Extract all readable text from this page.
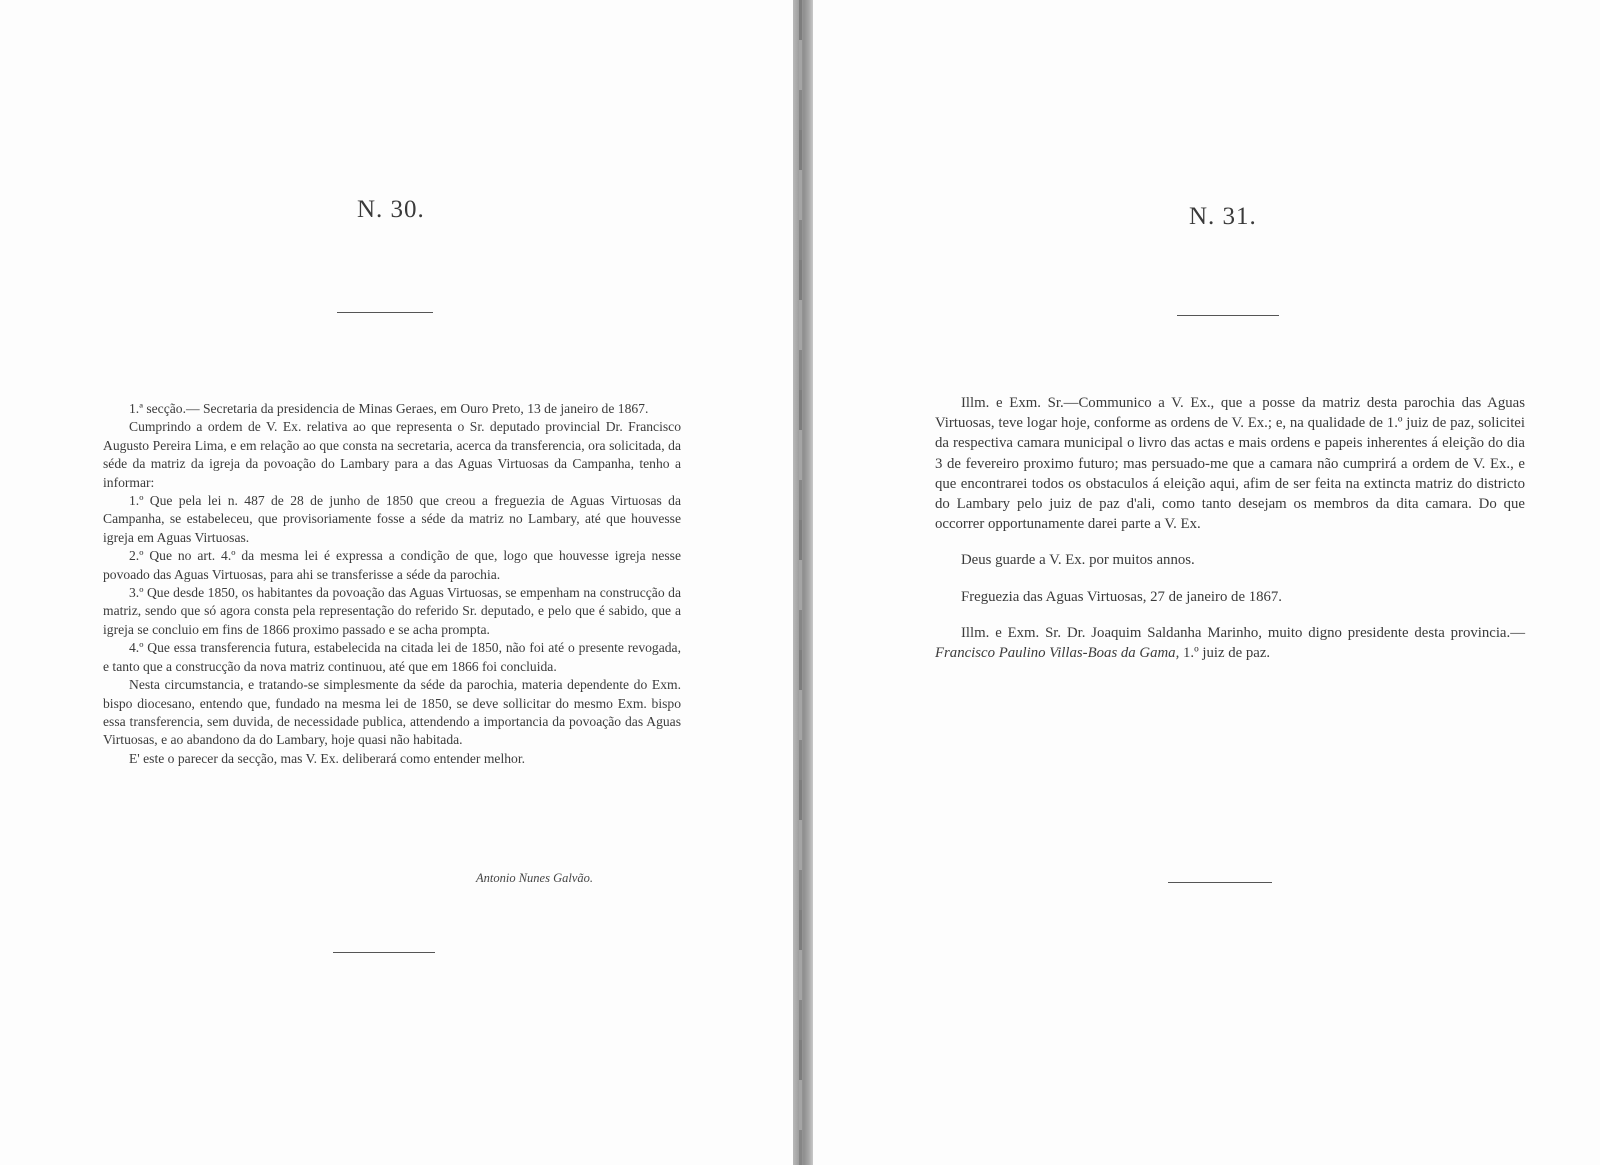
N. 30.

1.ª secção.— Secretaria da presidencia de Minas Geraes, em Ouro Preto, 13 de janeiro de 1867.

Cumprindo a ordem de V. Ex. relativa ao que representa o Sr. deputado provincial Dr. Francisco Augusto Pereira Lima, e em relação ao que consta na secretaria, acerca da transferencia, ora solicitada, da séde da matriz da igreja da povoação do Lambary para a das Aguas Virtuosas da Campanha, tenho a informar:

1.º Que pela lei n. 487 de 28 de junho de 1850 que creou a freguezia de Aguas Virtuosas da Campanha, se estabeleceu, que provisoriamente fosse a séde da matriz no Lambary, até que houvesse igreja em Aguas Virtuosas.

2.º Que no art. 4.º da mesma lei é expressa a condição de que, logo que houvesse igreja nesse povoado das Aguas Virtuosas, para ahi se transferisse a séde da parochia.

3.º Que desde 1850, os habitantes da povoação das Aguas Virtuosas, se empenham na construcção da matriz, sendo que só agora consta pela representação do referido Sr. deputado, e pelo que é sabido, que a igreja se concluio em fins de 1866 proximo passado e se acha prompta.

4.º Que essa transferencia futura, estabelecida na citada lei de 1850, não foi até o presente revogada, e tanto que a construcção da nova matriz continuou, até que em 1866 foi concluida.

Nesta circumstancia, e tratando-se simplesmente da séde da parochia, materia dependente do Exm. bispo diocesano, entendo que, fundado na mesma lei de 1850, se deve sollicitar do mesmo Exm. bispo essa transferencia, sem duvida, de necessidade publica, attendendo a importancia da povoação das Aguas Virtuosas, e ao abandono da do Lambary, hoje quasi não habitada.

E' este o parecer da secção, mas V. Ex. deliberará como entender melhor.

Antonio Nunes Galvão.
N. 31.

Illm. e Exm. Sr.—Communico a V. Ex., que a posse da matriz desta parochia das Aguas Virtuosas, teve logar hoje, conforme as ordens de V. Ex.; e, na qualidade de 1.º juiz de paz, solicitei da respectiva camara municipal o livro das actas e mais ordens e papeis inherentes á eleição do dia 3 de fevereiro proximo futuro; mas persuado-me que a camara não cumprirá a ordem de V. Ex., e que encontrarei todos os obstaculos á eleição aqui, afim de ser feita na extincta matriz do districto do Lambary pelo juiz de paz d'ali, como tanto desejam os membros da dita camara. Do que occorrer opportunamente darei parte a V. Ex.

Deus guarde a V. Ex. por muitos annos.

Freguezia das Aguas Virtuosas, 27 de janeiro de 1867.

Illm. e Exm. Sr. Dr. Joaquim Saldanha Marinho, muito digno presidente desta provincia.—Francisco Paulino Villas-Boas da Gama, 1.º juiz de paz.
